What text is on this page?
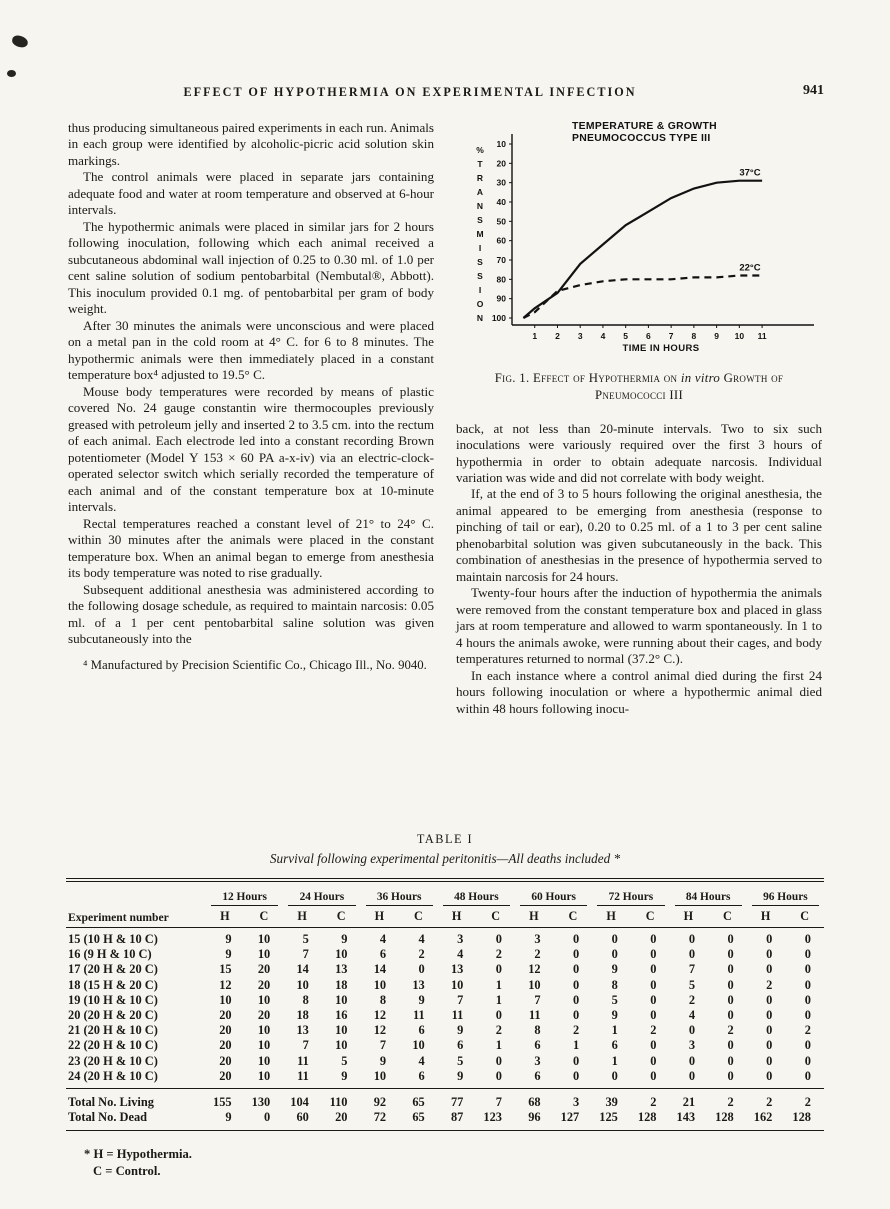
EFFECT OF HYPOTHERMIA ON EXPERIMENTAL INFECTION	941

thus producing simultaneous paired experiments in each run. Animals in each group were identified by alcoholic-picric acid solution skin markings.

The control animals were placed in separate jars containing adequate food and water at room temperature and observed at 6-hour intervals.

The hypothermic animals were placed in similar jars for 2 hours following inoculation, following which each animal received a subcutaneous abdominal wall injection of 0.25 to 0.30 ml. of 1.0 per cent saline solution of sodium pentobarbital (Nembutal®, Abbott). This inoculum provided 0.1 mg. of pentobarbital per gram of body weight.

After 30 minutes the animals were unconscious and were placed on a metal pan in the cold room at 4° C. for 6 to 8 minutes. The hypothermic animals were then immediately placed in a constant temperature box⁴ adjusted to 19.5° C.

Mouse body temperatures were recorded by means of plastic covered No. 24 gauge constantin wire thermocouples previously greased with petroleum jelly and inserted 2 to 3.5 cm. into the rectum of each animal. Each electrode led into a constant recording Brown potentiometer (Model Y 153 × 60 PA a-x-iv) via an electric-clock-operated selector switch which serially recorded the temperature of each animal and of the constant temperature box at 10-minute intervals.

Rectal temperatures reached a constant level of 21° to 24° C. within 30 minutes after the animals were placed in the constant temperature box. When an animal began to emerge from anesthesia its body temperature was noted to rise gradually.

Subsequent additional anesthesia was administered according to the following dosage schedule, as required to maintain narcosis: 0.05 ml. of a 1 per cent pentobarbital saline solution was given subcutaneously into the

⁴ Manufactured by Precision Scientific Co., Chicago Ill., No. 9040.

10
20
30
40
50
60
70
80
90
100
%
T
R
A
N
S
M
I
S
S
I
O
N
1 2 3 4 5 6 7 8 9 10 11
TIME IN HOURS
37°C
22°C
TEMPERATURE & GROWTH
PNEUMOCOCCUS TYPE III
Fig. 1. Effect of Hypothermia on in vitro Growth of Pneumococci III

back, at not less than 20-minute intervals. Two to six such inoculations were variously required over the first 3 hours of hypothermia in order to obtain adequate narcosis. Individual variation was wide and did not correlate with body weight.

If, at the end of 3 to 5 hours following the original anesthesia, the animal appeared to be emerging from anesthesia (response to pinching of tail or ear), 0.20 to 0.25 ml. of a 1 to 3 per cent saline phenobarbital solution was given subcutaneously in the back. This combination of anesthesias in the presence of hypothermia served to maintain narcosis for 24 hours.

Twenty-four hours after the induction of hypothermia the animals were removed from the constant temperature box and placed in glass jars at room temperature and allowed to warm spontaneously. In 1 to 4 hours the animals awoke, were running about their cages, and body temperatures returned to normal (37.2° C.).

In each instance where a control animal died during the first 24 hours following inoculation or where a hypothermic animal died within 48 hours following inocu-

TABLE I
Survival following experimental peritonitis—All deaths included *
Experiment number	12 Hours		24 Hours		36 Hours		48 Hours		60 Hours		72 Hours		84 Hours		96 Hours	

	H	C	H	C	H	C	H	C	H	C	H	C	H	C	H	C
15 (10 H & 10 C)	9	10	5	9	4	4	3	0	3	0	0	0	0	0	0	0
16 (9 H & 10 C)	9	10	7	10	6	2	4	2	2	0	0	0	0	0	0	0
17 (20 H & 20 C)	15	20	14	13	14	0	13	0	12	0	9	0	7	0	0	0
18 (15 H & 20 C)	12	20	10	18	10	13	10	1	10	0	8	0	5	0	2	0
19 (10 H & 10 C)	10	10	8	10	8	9	7	1	7	0	5	0	2	0	0	0
20 (20 H & 20 C)	20	20	18	16	12	11	11	0	11	0	9	0	4	0	0	0
21 (20 H & 10 C)	20	10	13	10	12	6	9	2	8	2	1	2	0	2	0	2
22 (20 H & 10 C)	20	10	7	10	7	10	6	1	6	1	6	0	3	0	0	0
23 (20 H & 10 C)	20	10	11	5	9	4	5	0	3	0	1	0	0	0	0	0
24 (20 H & 10 C)	20	10	11	9	10	6	9	0	6	0	0	0	0	0	0	0
Total No. Living	155	130	104	110	92	65	77	7	68	3	39	2	21	2	2	2
Total No. Dead	9	0	60	20	72	65	87	123	96	127	125	128	143	128	162	128
* H = Hypothermia.
C = Control.
